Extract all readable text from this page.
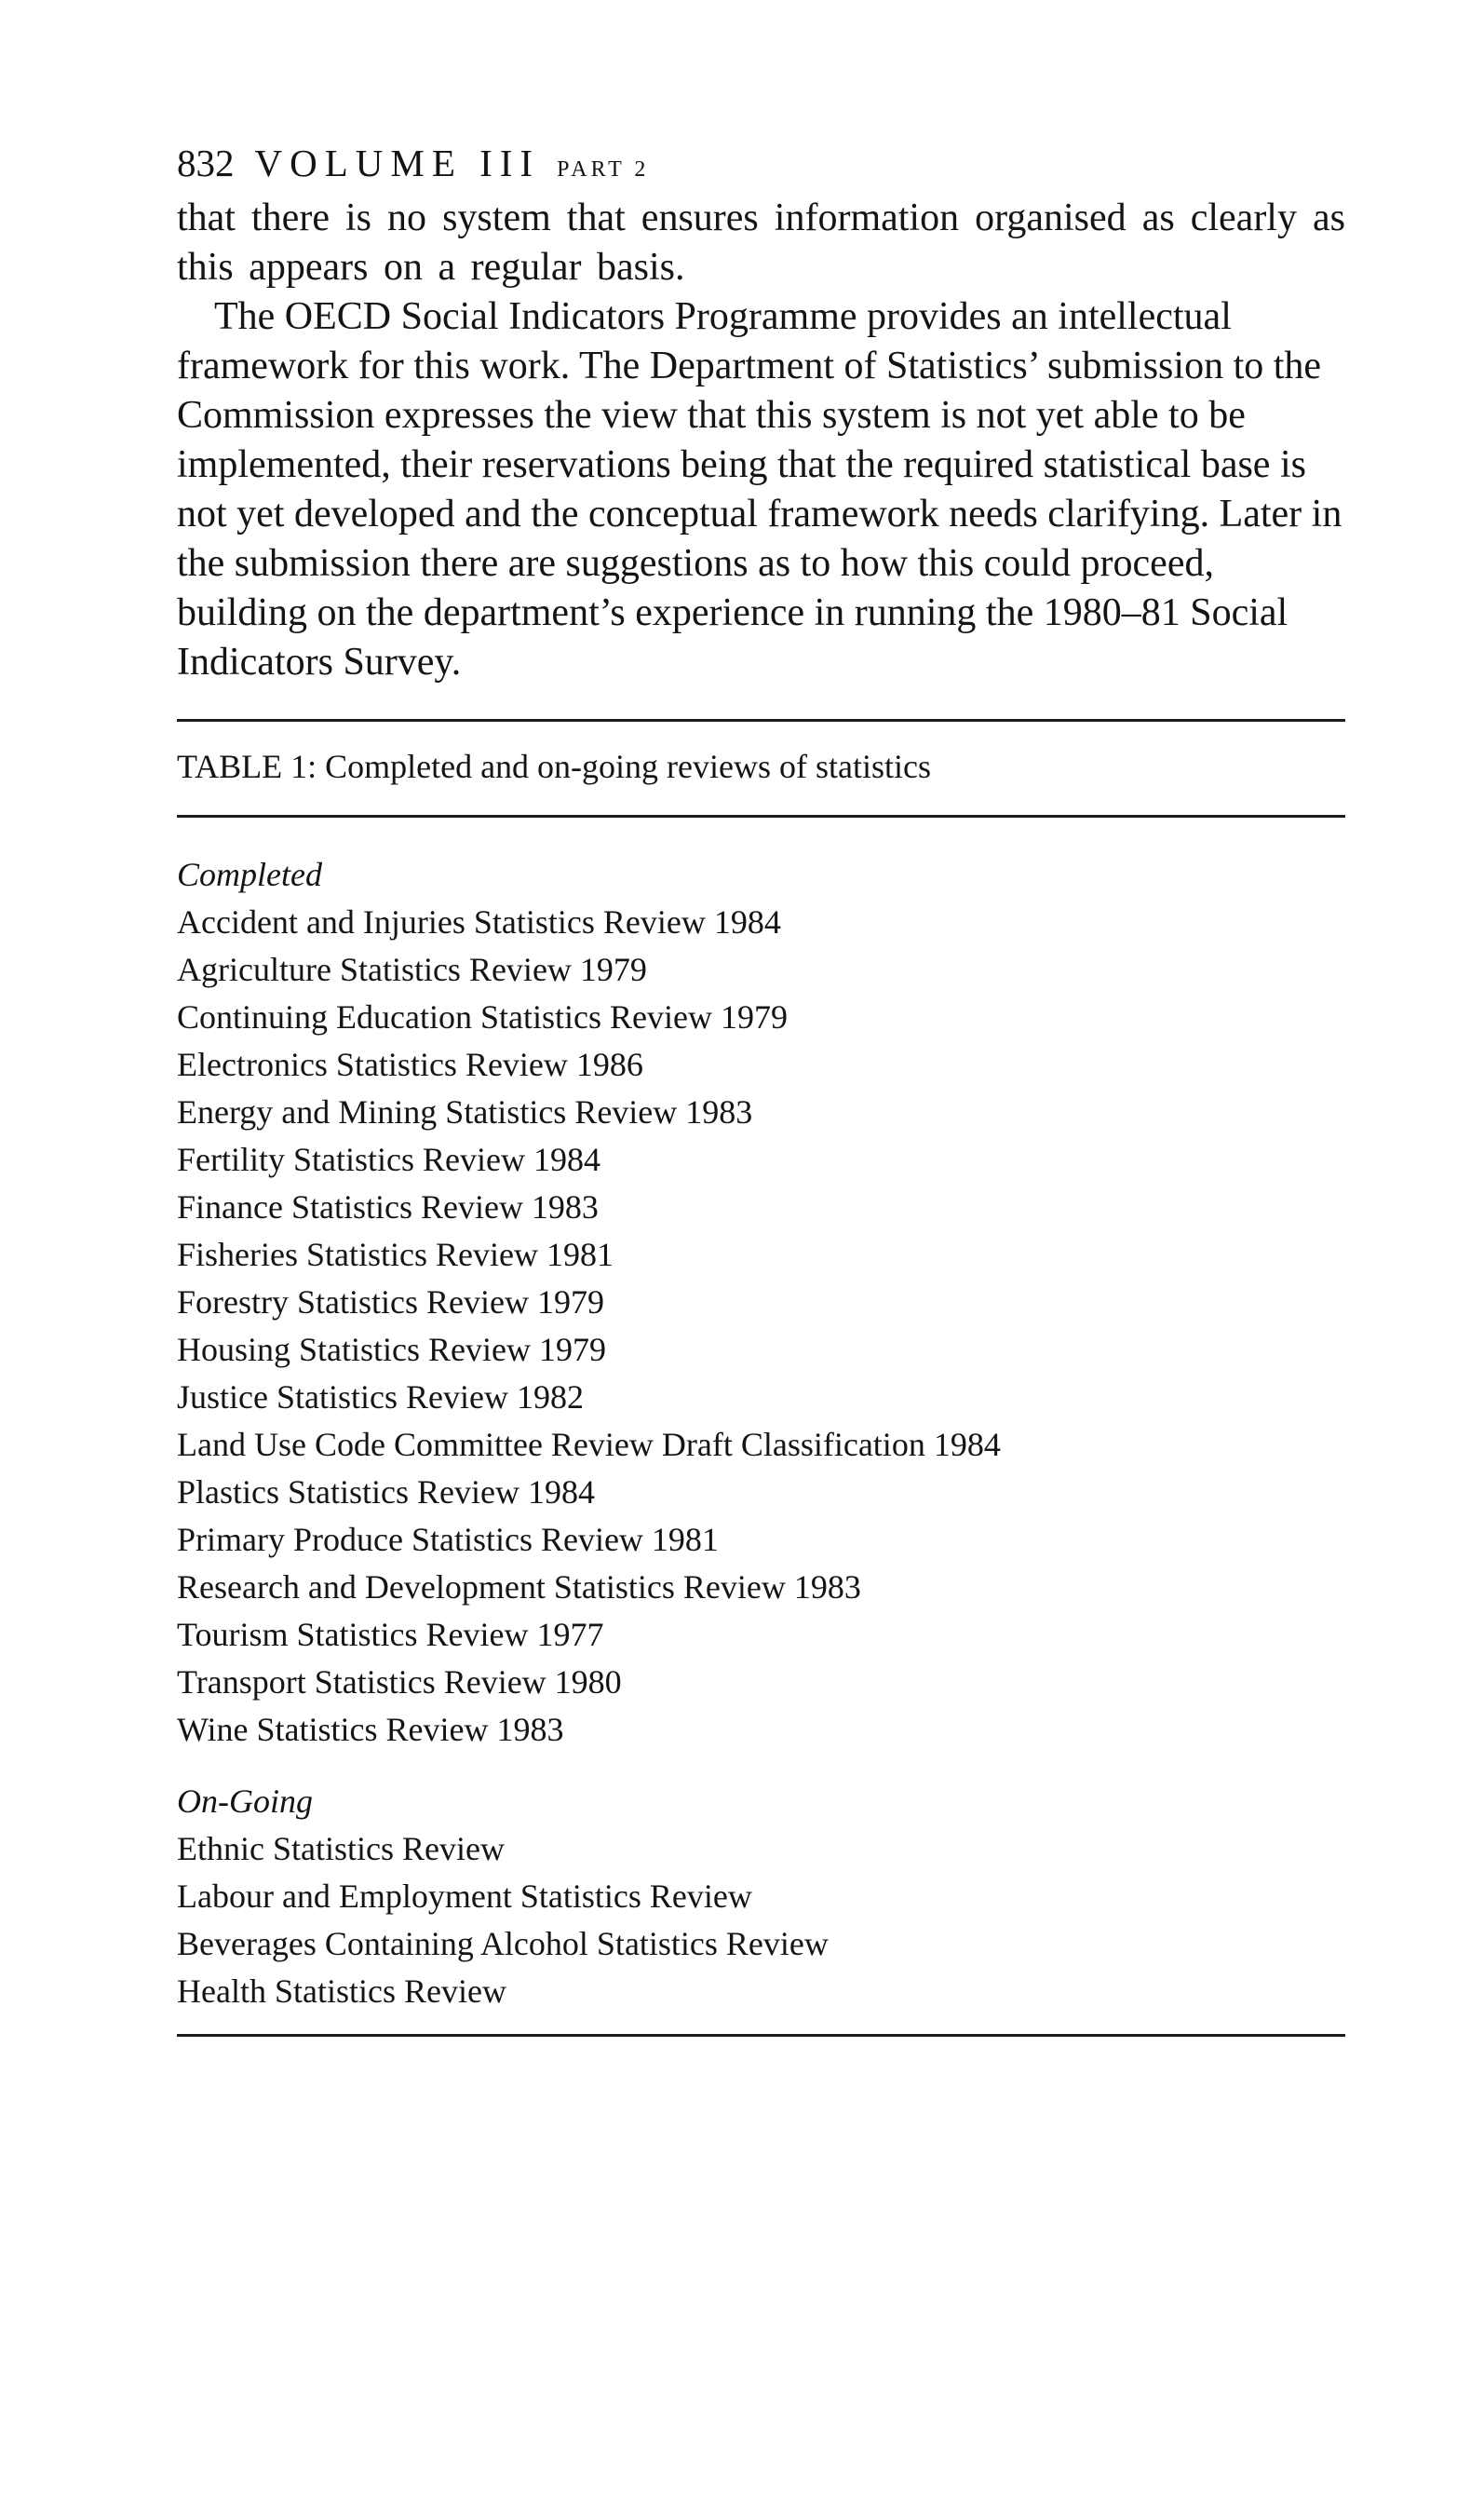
832 VOLUME III PART 2

that there is no system that ensures information organised as clearly as this appears on a regular basis.

The OECD Social Indicators Programme provides an intellectual framework for this work. The Department of Statistics’ submission to the Commission expresses the view that this system is not yet able to be implemented, their reservations being that the required statistical base is not yet developed and the conceptual framework needs clarifying. Later in the submission there are suggestions as to how this could proceed, building on the department’s experience in running the 1980–81 Social Indicators Survey.

TABLE 1: Completed and on-going reviews of statistics

Completed

Accident and Injuries Statistics Review 1984
Agriculture Statistics Review 1979
Continuing Education Statistics Review 1979
Electronics Statistics Review 1986
Energy and Mining Statistics Review 1983
Fertility Statistics Review 1984
Finance Statistics Review 1983
Fisheries Statistics Review 1981
Forestry Statistics Review 1979
Housing Statistics Review 1979
Justice Statistics Review 1982
Land Use Code Committee Review Draft Classification 1984
Plastics Statistics Review 1984
Primary Produce Statistics Review 1981
Research and Development Statistics Review 1983
Tourism Statistics Review 1977
Transport Statistics Review 1980
Wine Statistics Review 1983

On-Going

Ethnic Statistics Review
Labour and Employment Statistics Review
Beverages Containing Alcohol Statistics Review
Health Statistics Review
